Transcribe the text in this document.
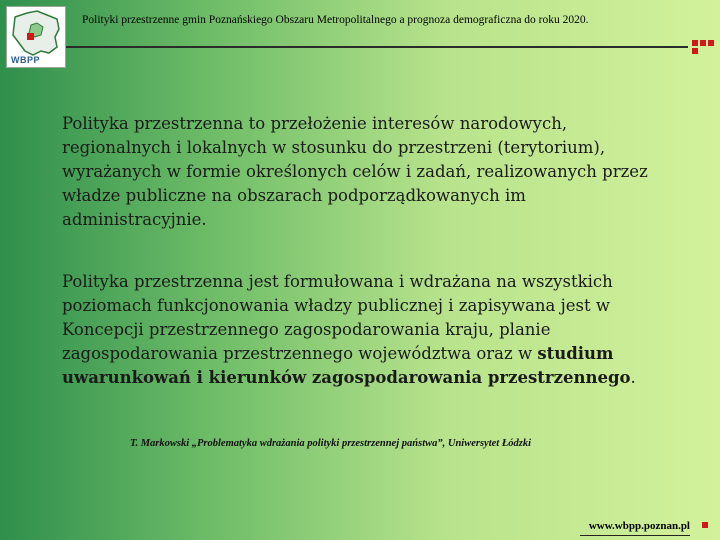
WBPP
Polityki przestrzenne gmin Poznańskiego Obszaru Metropolitalnego a prognoza demograficzna do roku 2020.

Polityka przestrzenna to przełożenie interesów narodowych, regionalnych i lokalnych w stosunku do przestrzeni (terytorium), wyrażanych w formie określonych celów i zadań, realizowanych przez władze publiczne na obszarach podporządkowanych im administracyjnie.

Polityka przestrzenna jest formułowana i wdrażana na wszystkich poziomach funkcjonowania władzy publicznej i zapisywana jest w Koncepcji przestrzennego zagospodarowania kraju, planie zagospodarowania przestrzennego województwa oraz w studium uwarunkowań i kierunków zagospodarowania przestrzennego.

T. Markowski „Problematyka wdrażania polityki przestrzennej państwa”, Uniwersytet Łódzki
www.wbpp.poznan.pl
